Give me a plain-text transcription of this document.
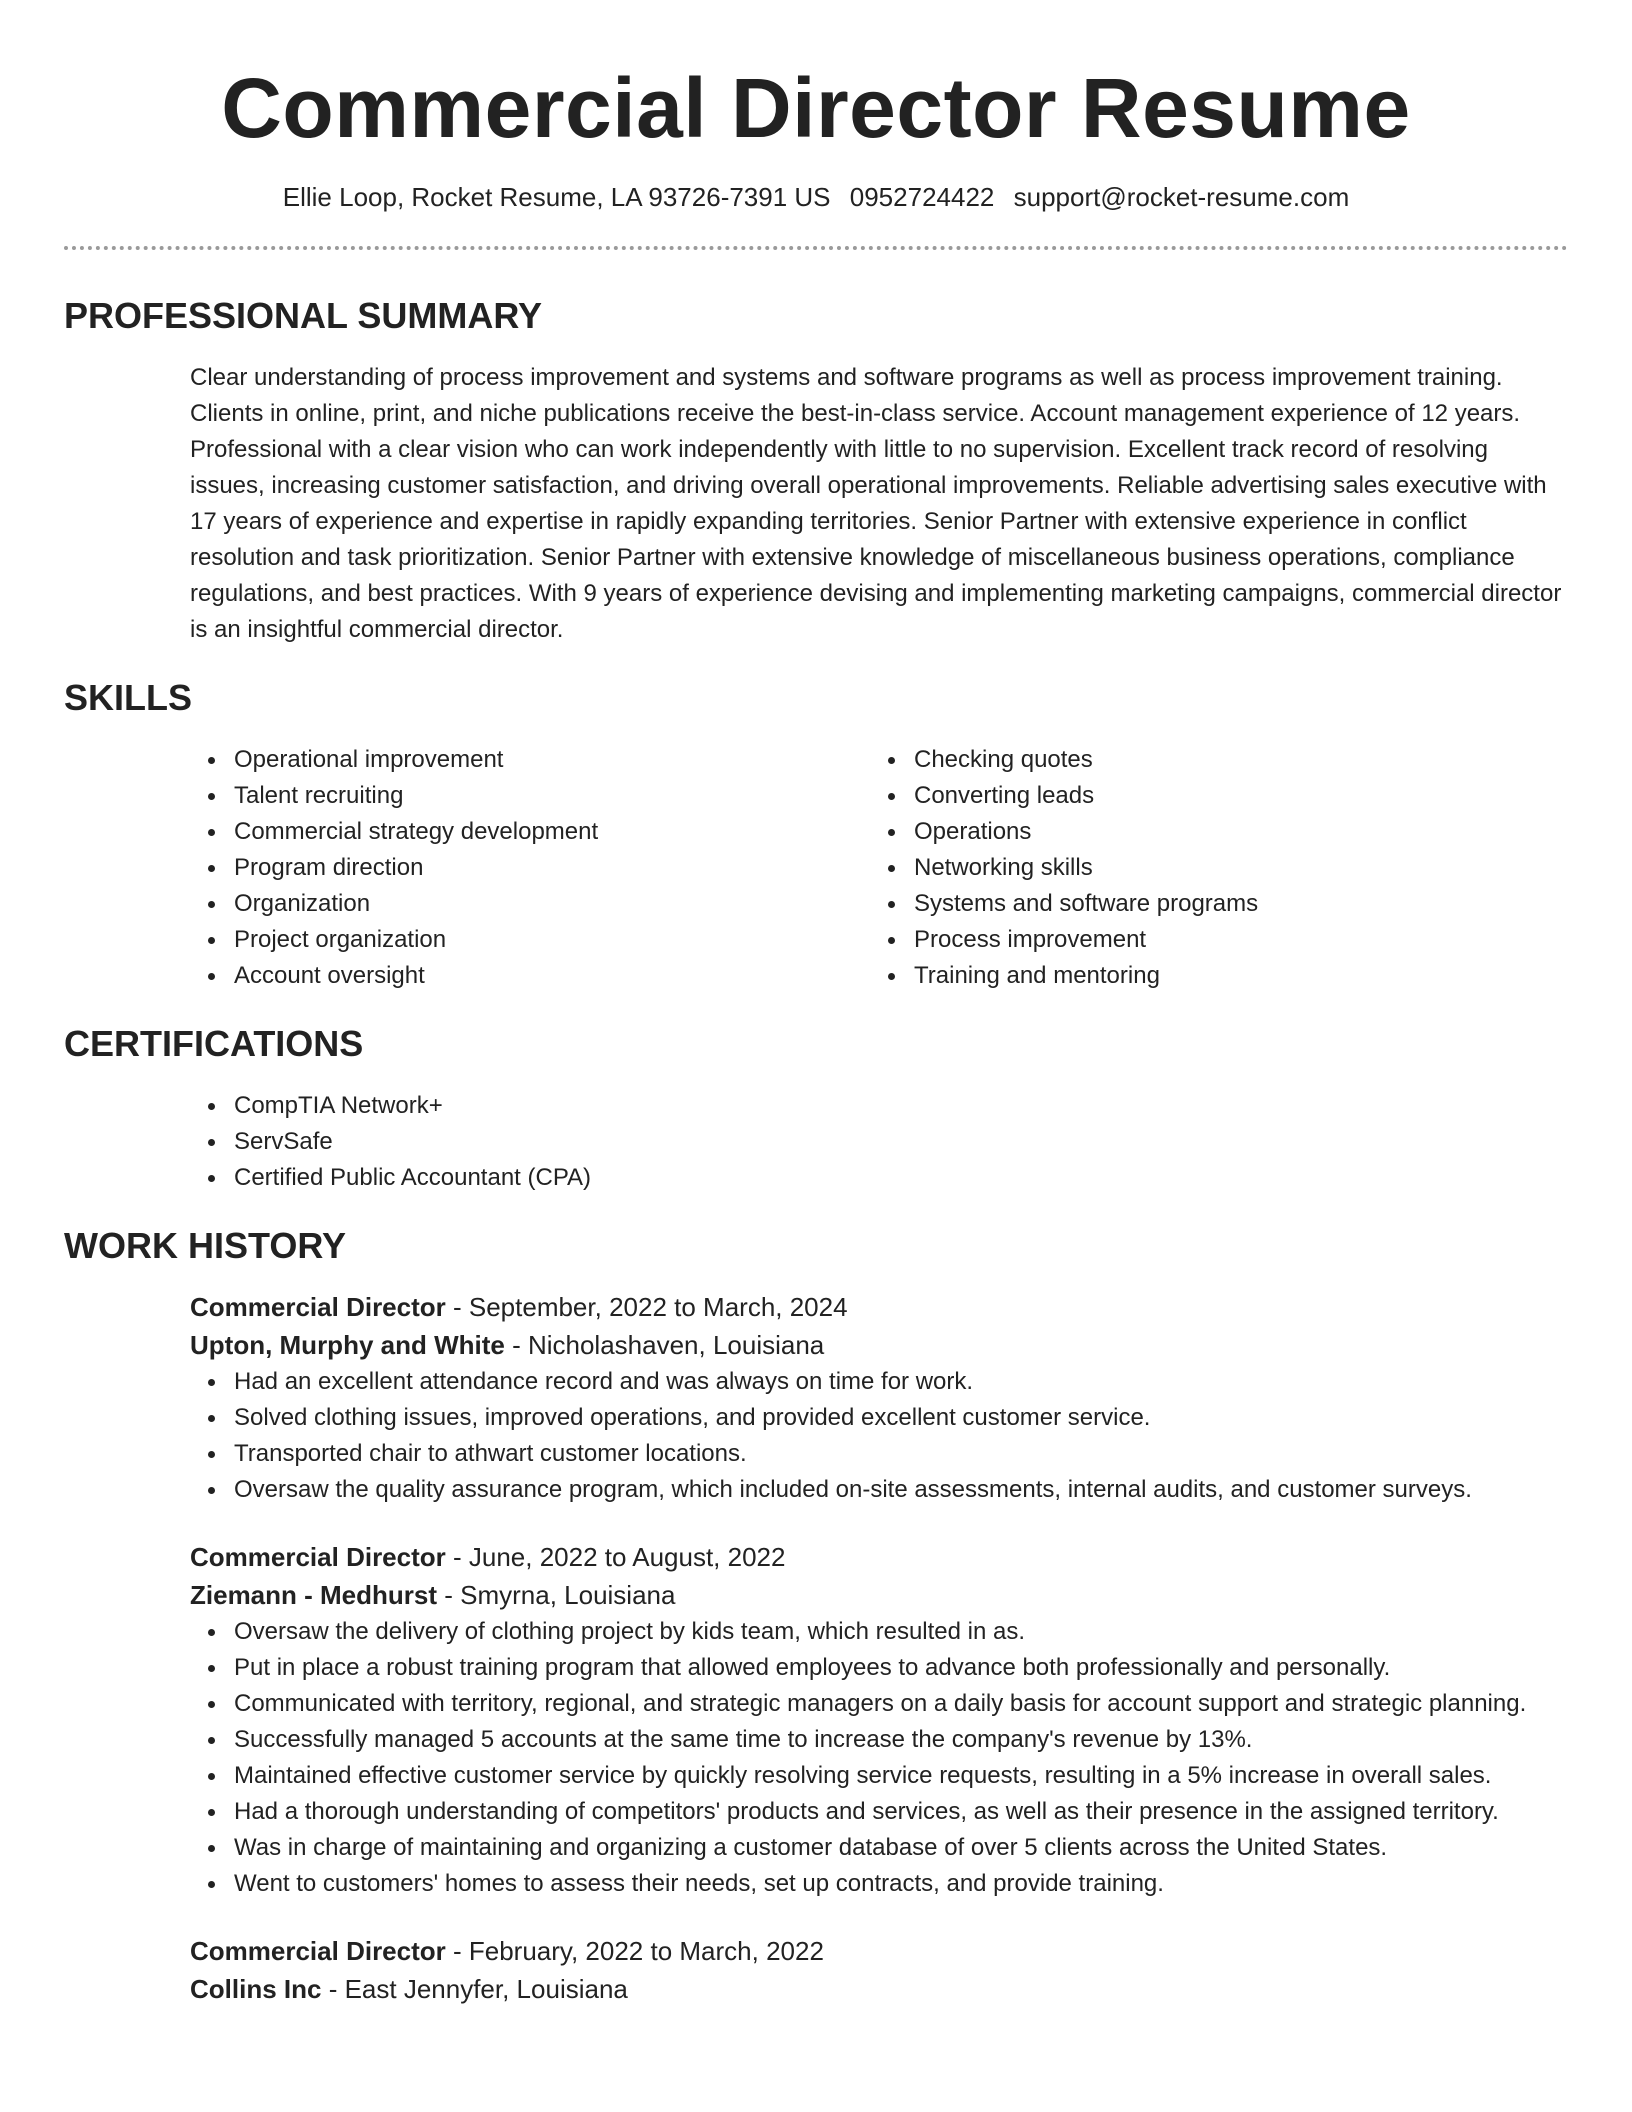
Commercial Director Resume
Ellie Loop, Rocket Resume, LA 93726-7391 US 0952724422 support@rocket-resume.com
PROFESSIONAL SUMMARY

Clear understanding of process improvement and systems and software programs as well as process improvement training. Clients in online, print, and niche publications receive the best-in-class service. Account management experience of 12 years. Professional with a clear vision who can work independently with little to no supervision. Excellent track record of resolving issues, increasing customer satisfaction, and driving overall operational improvements. Reliable advertising sales executive with 17 years of experience and expertise in rapidly expanding territories. Senior Partner with extensive experience in conflict resolution and task prioritization. Senior Partner with extensive knowledge of miscellaneous business operations, compliance regulations, and best practices. With 9 years of experience devising and implementing marketing campaigns, commercial director is an insightful commercial director.

SKILLS
Operational improvement
Talent recruiting
Commercial strategy development
Program direction
Organization
Project organization
Account oversight
Checking quotes
Converting leads
Operations
Networking skills
Systems and software programs
Process improvement
Training and mentoring
CERTIFICATIONS
CompTIA Network+
ServSafe
Certified Public Accountant (CPA)
WORK HISTORY
Commercial Director - September, 2022 to March, 2024
Upton, Murphy and White - Nicholashaven, Louisiana
Had an excellent attendance record and was always on time for work.
Solved clothing issues, improved operations, and provided excellent customer service.
Transported chair to athwart customer locations.
Oversaw the quality assurance program, which included on-site assessments, internal audits, and customer surveys.
Commercial Director - June, 2022 to August, 2022
Ziemann - Medhurst - Smyrna, Louisiana
Oversaw the delivery of clothing project by kids team, which resulted in as.
Put in place a robust training program that allowed employees to advance both professionally and personally.
Communicated with territory, regional, and strategic managers on a daily basis for account support and strategic planning.
Successfully managed 5 accounts at the same time to increase the company's revenue by 13%.
Maintained effective customer service by quickly resolving service requests, resulting in a 5% increase in overall sales.
Had a thorough understanding of competitors' products and services, as well as their presence in the assigned territory.
Was in charge of maintaining and organizing a customer database of over 5 clients across the United States.
Went to customers' homes to assess their needs, set up contracts, and provide training.
Commercial Director - February, 2022 to March, 2022
Collins Inc - East Jennyfer, Louisiana
